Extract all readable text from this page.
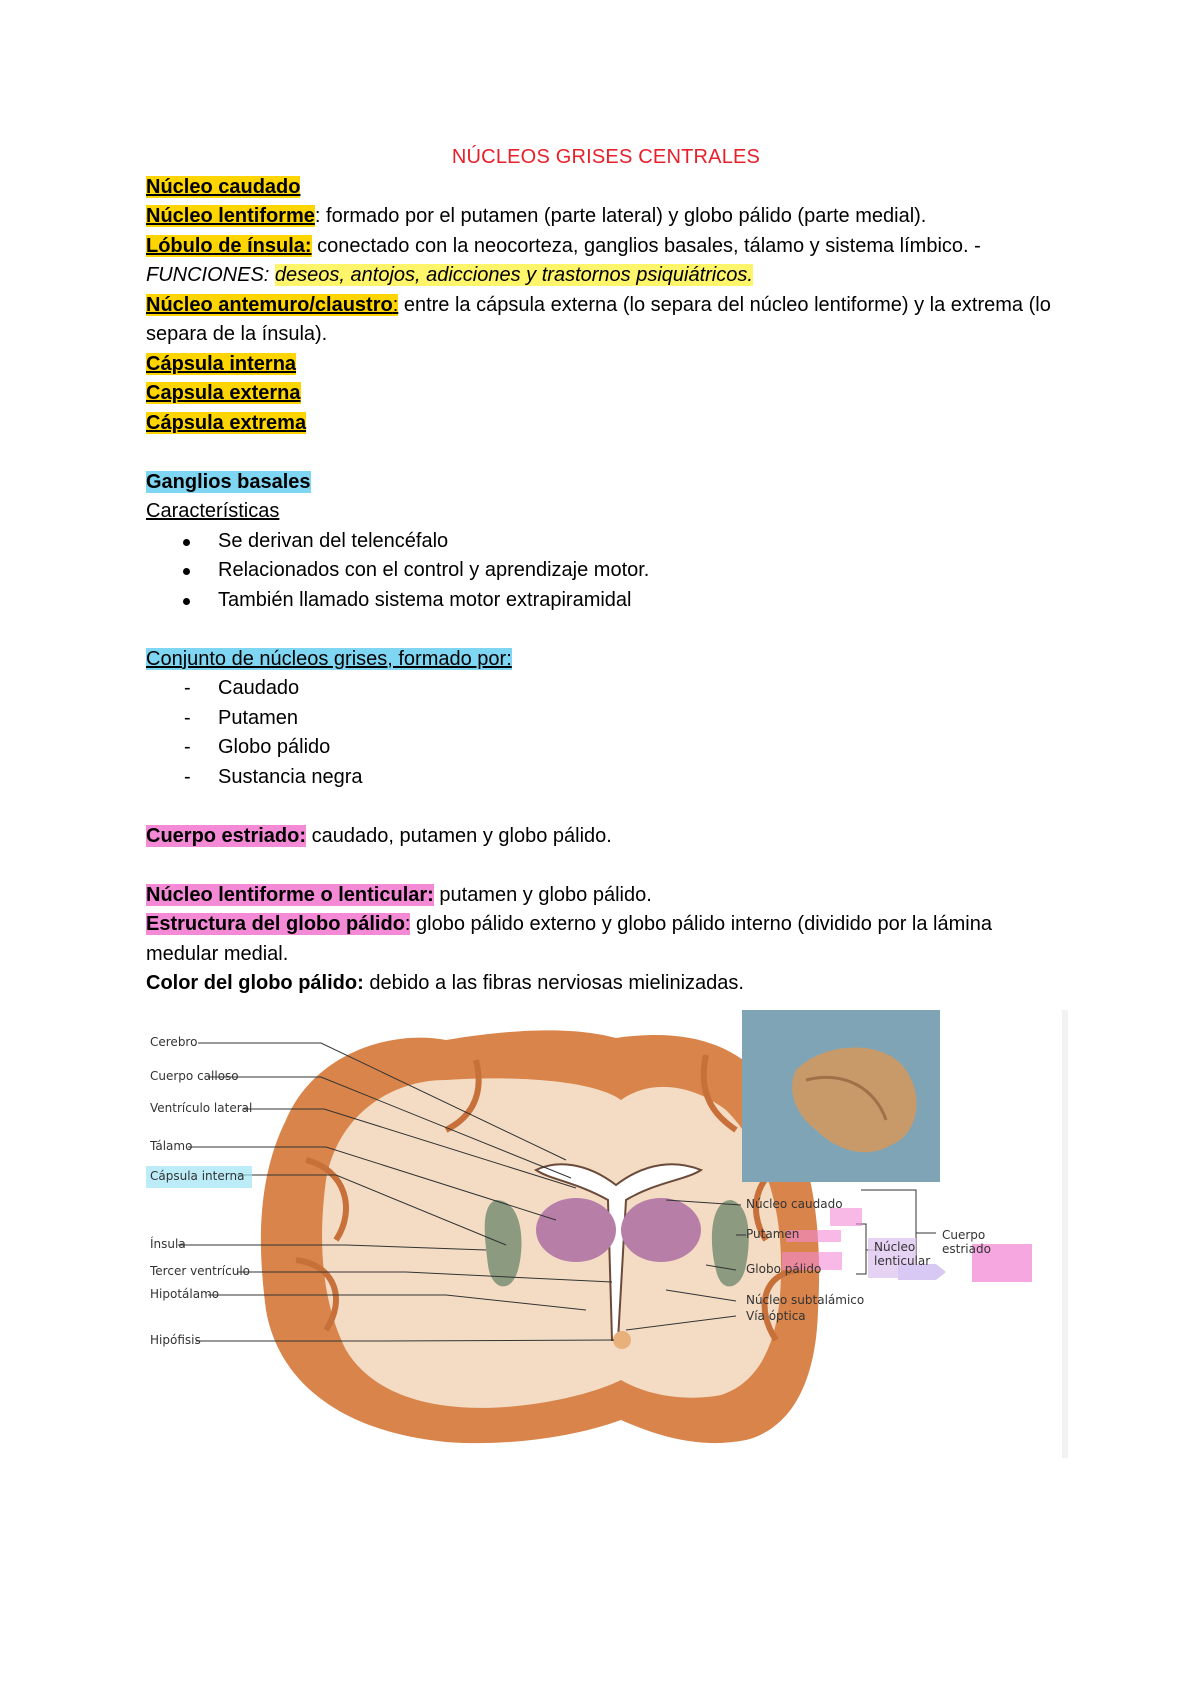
NÚCLEOS GRISES CENTRALES
Núcleo caudado
Núcleo lentiforme: formado por el putamen (parte lateral) y globo pálido (parte medial).
Lóbulo de ínsula: conectado con la neocorteza, ganglios basales, tálamo y sistema límbico. - FUNCIONES: deseos, antojos, adicciones y trastornos psiquiátricos.
Núcleo antemuro/claustro: entre la cápsula externa (lo separa del núcleo lentiforme) y la extrema (lo separa de la ínsula).
Cápsula interna
Capsula externa
Cápsula extrema
Ganglios basales
Características
Se derivan del telencéfalo
Relacionados con el control y aprendizaje motor.
También llamado sistema motor extrapiramidal
Conjunto de núcleos grises, formado por:
- Caudado
- Putamen
- Globo pálido
- Sustancia negra
Cuerpo estriado: caudado, putamen y globo pálido.
Núcleo lentiforme o lenticular: putamen y globo pálido.
Estructura del globo pálido: globo pálido externo y globo pálido interno (dividido por la lámina medular medial.
Color del globo pálido: debido a las fibras nerviosas mielinizadas.
Cerebro
Cuerpo calloso
Ventrículo lateral
Tálamo
Cápsula interna
Ínsula
Tercer ventrículo
Hipotálamo
Hipófisis
Núcleo caudado
Putamen
Globo pálido
Núcleo subtalámico
Vía óptica
Núcleo lenticular
Cuerpo estriado
